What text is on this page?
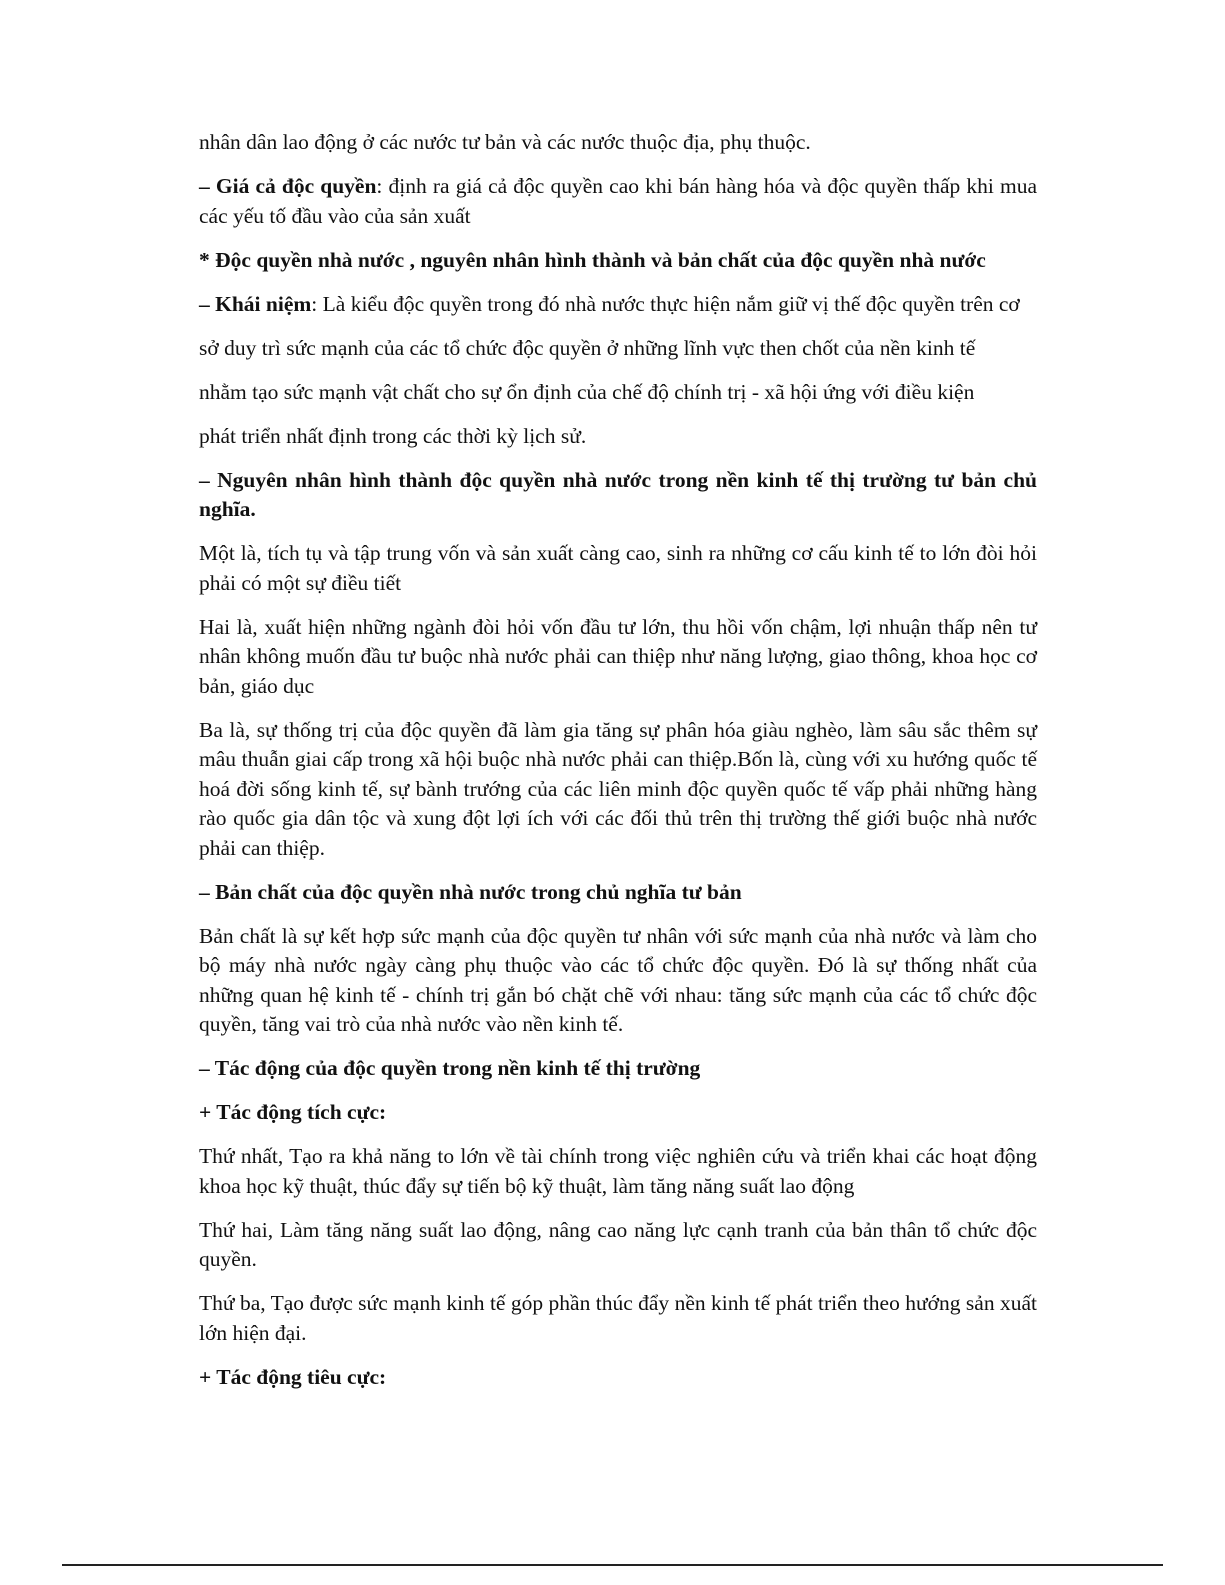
nhân dân lao động ở các nước tư bản và các nước thuộc địa, phụ thuộc.

– Giá cả độc quyền: định ra giá cả độc quyền cao khi bán hàng hóa và độc quyền thấp khi mua các yếu tố đầu vào của sản xuất

* Độc quyền nhà nước , nguyên nhân hình thành và bản chất của độc quyền nhà nước

– Khái niệm: Là kiểu độc quyền trong đó nhà nước thực hiện nắm giữ vị thế độc quyền trên cơ

sở duy trì sức mạnh của các tổ chức độc quyền ở những lĩnh vực then chốt của nền kinh tế

nhằm tạo sức mạnh vật chất cho sự ổn định của chế độ chính trị - xã hội ứng với điều kiện

phát triển nhất định trong các thời kỳ lịch sử.

– Nguyên nhân hình thành độc quyền nhà nước trong nền kinh tế thị trường tư bản chủ nghĩa.

Một là, tích tụ và tập trung vốn và sản xuất càng cao, sinh ra những cơ cấu kinh tế to lớn đòi hỏi phải có một sự điều tiết

Hai là, xuất hiện những ngành đòi hỏi vốn đầu tư lớn, thu hồi vốn chậm, lợi nhuận thấp nên tư nhân không muốn đầu tư buộc nhà nước phải can thiệp như năng lượng, giao thông, khoa học cơ bản, giáo dục

Ba là, sự thống trị của độc quyền đã làm gia tăng sự phân hóa giàu nghèo, làm sâu sắc thêm sự mâu thuẫn giai cấp trong xã hội buộc nhà nước phải can thiệp.Bốn là, cùng với xu hướng quốc tế hoá đời sống kinh tế, sự bành trướng của các liên minh độc quyền quốc tế vấp phải những hàng rào quốc gia dân tộc và xung đột lợi ích với các đối thủ trên thị trường thế giới buộc nhà nước phải can thiệp.

– Bản chất của độc quyền nhà nước trong chủ nghĩa tư bản

Bản chất là sự kết hợp sức mạnh của độc quyền tư nhân với sức mạnh của nhà nước và làm cho bộ máy nhà nước ngày càng phụ thuộc vào các tổ chức độc quyền. Đó là sự thống nhất của những quan hệ kinh tế - chính trị gắn bó chặt chẽ với nhau: tăng sức mạnh của các tổ chức độc quyền, tăng vai trò của nhà nước vào nền kinh tế.

– Tác động của độc quyền trong nền kinh tế thị trường

+ Tác động tích cực:

Thứ nhất, Tạo ra khả năng to lớn về tài chính trong việc nghiên cứu và triển khai các hoạt động khoa học kỹ thuật, thúc đẩy sự tiến bộ kỹ thuật, làm tăng năng suất lao động

Thứ hai, Làm tăng năng suất lao động, nâng cao năng lực cạnh tranh của bản thân tổ chức độc quyền.

Thứ ba, Tạo được sức mạnh kinh tế góp phần thúc đẩy nền kinh tế phát triển theo hướng sản xuất lớn hiện đại.

+ Tác động tiêu cực:
